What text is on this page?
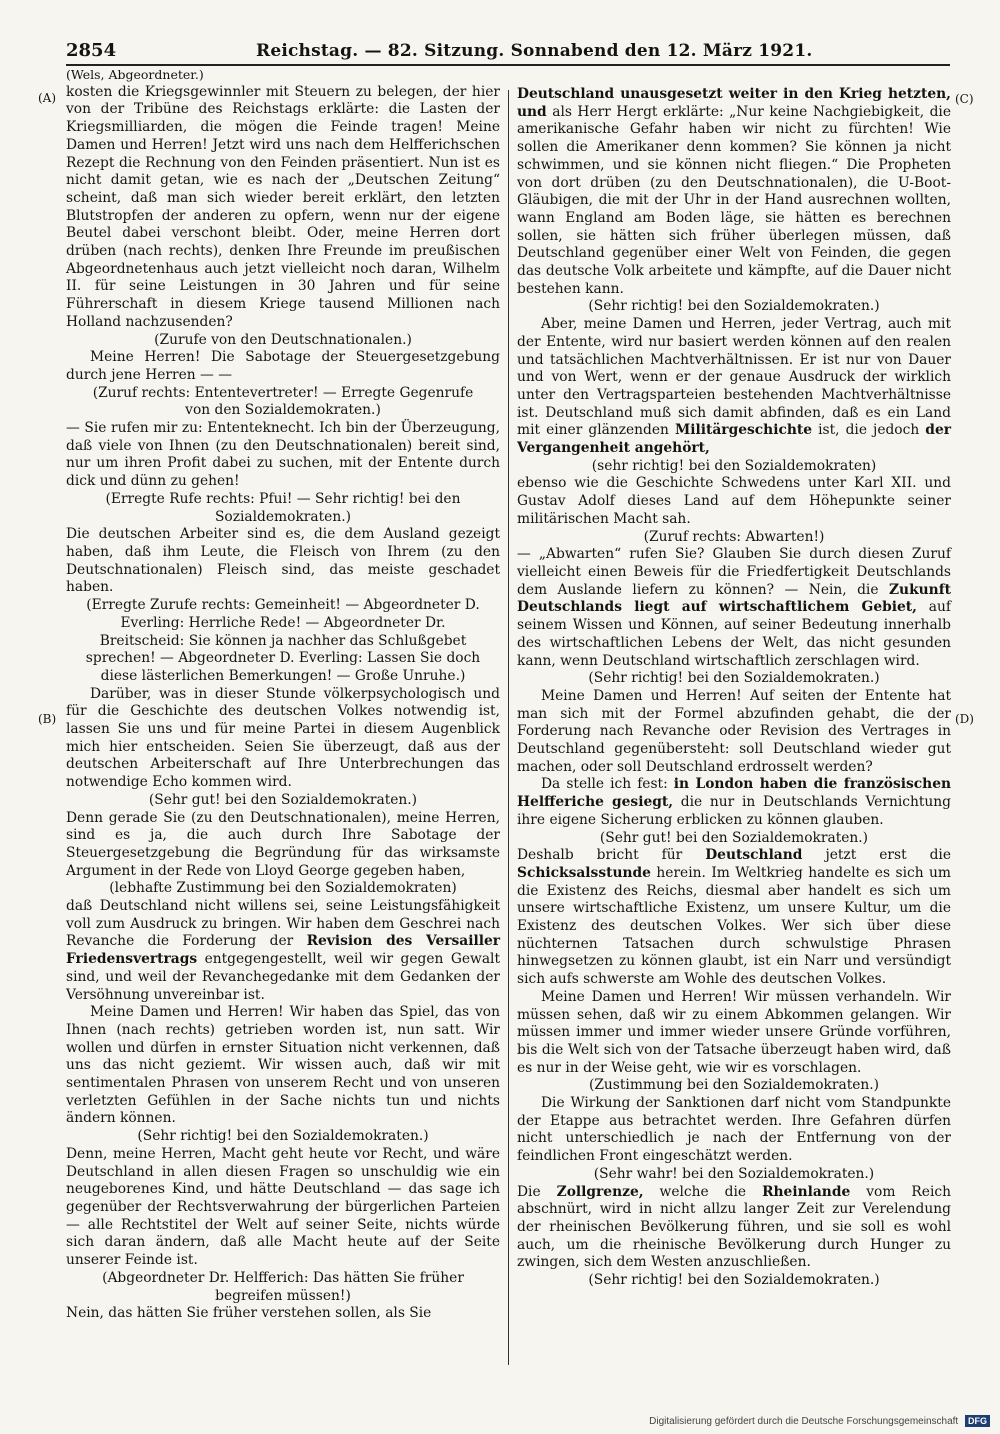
2854	Reichstag. — 82. Sitzung. Sonnabend den 12. März 1921.
(A)
(B)
(C)
(D)

(Wels, Abgeordneter.)

kosten die Kriegsgewinnler mit Steuern zu belegen, der hier von der Tribüne des Reichstags erklärte: die Lasten der Kriegsmilliarden, die mögen die Feinde tragen! Meine Damen und Herren! Jetzt wird uns nach dem Helfferichschen Rezept die Rechnung von den Feinden präsentiert. Nun ist es nicht damit getan, wie es nach der „Deutschen Zeitung“ scheint, daß man sich wieder bereit erklärt, den letzten Blutstropfen der anderen zu opfern, wenn nur der eigene Beutel dabei verschont bleibt. Oder, meine Herren dort drüben (nach rechts), denken Ihre Freunde im preußischen Abgeordnetenhaus auch jetzt vielleicht noch daran, Wilhelm II. für seine Leistungen in 30 Jahren und für seine Führerschaft in diesem Kriege tausend Millionen nach Holland nachzusenden?

(Zurufe von den Deutschnationalen.)

Meine Herren! Die Sabotage der Steuergesetzgebung durch jene Herren — —

(Zuruf rechts: Ententevertreter! — Erregte Gegenrufe von den Sozialdemokraten.)

— Sie rufen mir zu: Ententeknecht. Ich bin der Überzeugung, daß viele von Ihnen (zu den Deutschnationalen) bereit sind, nur um ihren Profit dabei zu suchen, mit der Entente durch dick und dünn zu gehen!

(Erregte Rufe rechts: Pfui! — Sehr richtig! bei den Sozialdemokraten.)

Die deutschen Arbeiter sind es, die dem Ausland gezeigt haben, daß ihm Leute, die Fleisch von Ihrem (zu den Deutschnationalen) Fleisch sind, das meiste geschadet haben.

(Erregte Zurufe rechts: Gemeinheit! — Abgeordneter D. Everling: Herrliche Rede! — Abgeordneter Dr. Breitscheid: Sie können ja nachher das Schlußgebet sprechen! — Abgeordneter D. Everling: Lassen Sie doch diese lästerlichen Bemerkungen! — Große Unruhe.)

Darüber, was in dieser Stunde völkerpsychologisch und für die Geschichte des deutschen Volkes notwendig ist, lassen Sie uns und für meine Partei in diesem Augenblick mich hier entscheiden. Seien Sie überzeugt, daß aus der deutschen Arbeiterschaft auf Ihre Unterbrechungen das notwendige Echo kommen wird.

(Sehr gut! bei den Sozialdemokraten.)

Denn gerade Sie (zu den Deutschnationalen), meine Herren, sind es ja, die auch durch Ihre Sabotage der Steuergesetzgebung die Begründung für das wirksamste Argument in der Rede von Lloyd George gegeben haben,

(lebhafte Zustimmung bei den Sozialdemokraten)

daß Deutschland nicht willens sei, seine Leistungsfähigkeit voll zum Ausdruck zu bringen. Wir haben dem Geschrei nach Revanche die Forderung der Revision des Versailler Friedensvertrags entgegengestellt, weil wir gegen Gewalt sind, und weil der Revanchegedanke mit dem Gedanken der Versöhnung unvereinbar ist.

Meine Damen und Herren! Wir haben das Spiel, das von Ihnen (nach rechts) getrieben worden ist, nun satt. Wir wollen und dürfen in ernster Situation nicht verkennen, daß uns das nicht geziemt. Wir wissen auch, daß wir mit sentimentalen Phrasen von unserem Recht und von unseren verletzten Gefühlen in der Sache nichts tun und nichts ändern können.

(Sehr richtig! bei den Sozialdemokraten.)

Denn, meine Herren, Macht geht heute vor Recht, und wäre Deutschland in allen diesen Fragen so unschuldig wie ein neugeborenes Kind, und hätte Deutschland — das sage ich gegenüber der Rechtsverwahrung der bürgerlichen Parteien — alle Rechtstitel der Welt auf seiner Seite, nichts würde sich daran ändern, daß alle Macht heute auf der Seite unserer Feinde ist.

(Abgeordneter Dr. Helfferich: Das hätten Sie früher begreifen müssen!)

Nein, das hätten Sie früher verstehen sollen, als Sie

Deutschland unausgesetzt weiter in den Krieg hetzten, und als Herr Hergt erklärte: „Nur keine Nachgiebigkeit, die amerikanische Gefahr haben wir nicht zu fürchten! Wie sollen die Amerikaner denn kommen? Sie können ja nicht schwimmen, und sie können nicht fliegen.“ Die Propheten von dort drüben (zu den Deutschnationalen), die U-Boot-Gläubigen, die mit der Uhr in der Hand ausrechnen wollten, wann England am Boden läge, sie hätten es berechnen sollen, sie hätten sich früher überlegen müssen, daß Deutschland gegenüber einer Welt von Feinden, die gegen das deutsche Volk arbeitete und kämpfte, auf die Dauer nicht bestehen kann.

(Sehr richtig! bei den Sozialdemokraten.)

Aber, meine Damen und Herren, jeder Vertrag, auch mit der Entente, wird nur basiert werden können auf den realen und tatsächlichen Machtverhältnissen. Er ist nur von Dauer und von Wert, wenn er der genaue Ausdruck der wirklich unter den Vertragsparteien bestehenden Machtverhältnisse ist. Deutschland muß sich damit abfinden, daß es ein Land mit einer glänzenden Militärgeschichte ist, die jedoch der Vergangenheit angehört,

(sehr richtig! bei den Sozialdemokraten)

ebenso wie die Geschichte Schwedens unter Karl XII. und Gustav Adolf dieses Land auf dem Höhepunkte seiner militärischen Macht sah.

(Zuruf rechts: Abwarten!)

— „Abwarten“ rufen Sie? Glauben Sie durch diesen Zuruf vielleicht einen Beweis für die Friedfertigkeit Deutschlands dem Auslande liefern zu können? — Nein, die Zukunft Deutschlands liegt auf wirtschaftlichem Gebiet, auf seinem Wissen und Können, auf seiner Bedeutung innerhalb des wirtschaftlichen Lebens der Welt, das nicht gesunden kann, wenn Deutschland wirtschaftlich zerschlagen wird.

(Sehr richtig! bei den Sozialdemokraten.)

Meine Damen und Herren! Auf seiten der Entente hat man sich mit der Formel abzufinden gehabt, die der Forderung nach Revanche oder Revision des Vertrages in Deutschland gegenübersteht: soll Deutschland wieder gut machen, oder soll Deutschland erdrosselt werden?

Da stelle ich fest: in London haben die französischen Helfferiche gesiegt, die nur in Deutschlands Vernichtung ihre eigene Sicherung erblicken zu können glauben.

(Sehr gut! bei den Sozialdemokraten.)

Deshalb bricht für Deutschland jetzt erst die Schicksalsstunde herein. Im Weltkrieg handelte es sich um die Existenz des Reichs, diesmal aber handelt es sich um unsere wirtschaftliche Existenz, um unsere Kultur, um die Existenz des deutschen Volkes. Wer sich über diese nüchternen Tatsachen durch schwulstige Phrasen hinwegsetzen zu können glaubt, ist ein Narr und versündigt sich aufs schwerste am Wohle des deutschen Volkes.

Meine Damen und Herren! Wir müssen verhandeln. Wir müssen sehen, daß wir zu einem Abkommen gelangen. Wir müssen immer und immer wieder unsere Gründe vorführen, bis die Welt sich von der Tatsache überzeugt haben wird, daß es nur in der Weise geht, wie wir es vorschlagen.

(Zustimmung bei den Sozialdemokraten.)

Die Wirkung der Sanktionen darf nicht vom Standpunkte der Etappe aus betrachtet werden. Ihre Gefahren dürfen nicht unterschiedlich je nach der Entfernung von der feindlichen Front eingeschätzt werden.

(Sehr wahr! bei den Sozialdemokraten.)

Die Zollgrenze, welche die Rheinlande vom Reich abschnürt, wird in nicht allzu langer Zeit zur Verelendung der rheinischen Bevölkerung führen, und sie soll es wohl auch, um die rheinische Bevölkerung durch Hunger zu zwingen, sich dem Westen anzuschließen.

(Sehr richtig! bei den Sozialdemokraten.)

Digitalisierung gefördert durch die Deutsche Forschungsgemeinschaft DFG
